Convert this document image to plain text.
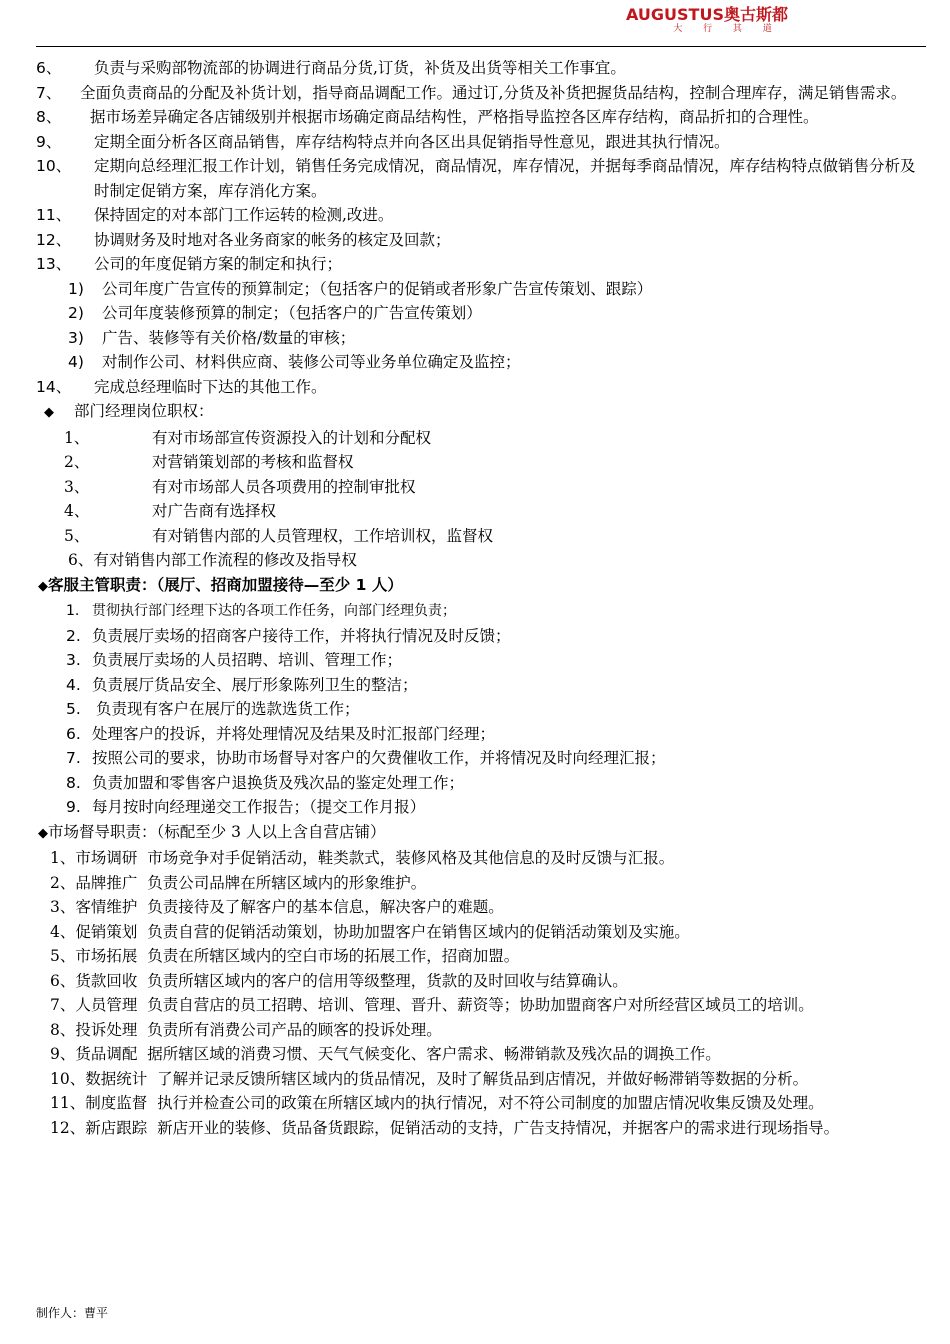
AUGUSTUS奥古斯都
大 行 其 道
6、	负责与采购部物流部的协调进行商品分货,订货，补货及出货等相关工作事宜。
7、	全面负责商品的分配及补货计划，指导商品调配工作。通过订,分货及补货把握货品结构，控制合理库存，满足销售需求。
8、	据市场差异确定各店铺级别并根据市场确定商品结构性，严格指导监控各区库存结构，商品折扣的合理性。
9、	定期全面分析各区商品销售，库存结构特点并向各区出具促销指导性意见，跟进其执行情况。
10、	定期向总经理汇报工作计划，销售任务完成情况，商品情况，库存情况，并据每季商品情况，库存结构特点做销售分析及时制定促销方案，库存消化方案。
11、	保持固定的对本部门工作运转的检测,改进。
12、	协调财务及时地对各业务商家的帐务的核定及回款；
13、	公司的年度促销方案的制定和执行；
1) 公司年度广告宣传的预算制定；（包括客户的促销或者形象广告宣传策划、跟踪）
2) 公司年度装修预算的制定；（包括客户的广告宣传策划）
3) 广告、装修等有关价格/数量的审核；
4) 对制作公司、材料供应商、装修公司等业务单位确定及监控；
14、	完成总经理临时下达的其他工作。
◆ 部门经理岗位职权：
1、	有对市场部宣传资源投入的计划和分配权
2、	对营销策划部的考核和监督权
3、	有对市场部人员各项费用的控制审批权
4、	对广告商有选择权
5、	有对销售内部的人员管理权，工作培训权，监督权
6、有对销售内部工作流程的修改及指导权
◆客服主管职责：（展厅、招商加盟接待—至少 1 人）
1. 贯彻执行部门经理下达的各项工作任务，向部门经理负责；
2. 负责展厅卖场的招商客户接待工作，并将执行情况及时反馈；
3. 负责展厅卖场的人员招聘、培训、管理工作；
4. 负责展厅货品安全、展厅形象陈列卫生的整洁；
5. 负责现有客户在展厅的选款选货工作；
6. 处理客户的投诉，并将处理情况及结果及时汇报部门经理；
7. 按照公司的要求，协助市场督导对客户的欠费催收工作，并将情况及时向经理汇报；
8. 负责加盟和零售客户退换货及残次品的鉴定处理工作；
9. 每月按时向经理递交工作报告；（提交工作月报）
◆市场督导职责：（标配至少 3 人以上含自营店铺）
1、市场调研 市场竞争对手促销活动，鞋类款式，装修风格及其他信息的及时反馈与汇报。
2、品牌推广 负责公司品牌在所辖区域内的形象维护。
3、客情维护 负责接待及了解客户的基本信息，解决客户的难题。
4、促销策划 负责自营的促销活动策划，协助加盟客户在销售区域内的促销活动策划及实施。
5、市场拓展 负责在所辖区域内的空白市场的拓展工作，招商加盟。
6、货款回收 负责所辖区域内的客户的信用等级整理，货款的及时回收与结算确认。
7、人员管理 负责自营店的员工招聘、培训、管理、晋升、薪资等；协助加盟商客户对所经营区域员工的培训。
8、投诉处理 负责所有消费公司产品的顾客的投诉处理。
9、货品调配 据所辖区域的消费习惯、天气气候变化、客户需求、畅滞销款及残次品的调换工作。
10、数据统计 了解并记录反馈所辖区域内的货品情况，及时了解货品到店情况，并做好畅滞销等数据的分析。
11、制度监督 执行并检查公司的政策在所辖区域内的执行情况，对不符公司制度的加盟店情况收集反馈及处理。
12、新店跟踪 新店开业的装修、货品备货跟踪，促销活动的支持，广告支持情况，并据客户的需求进行现场指导。
制作人：曹平
